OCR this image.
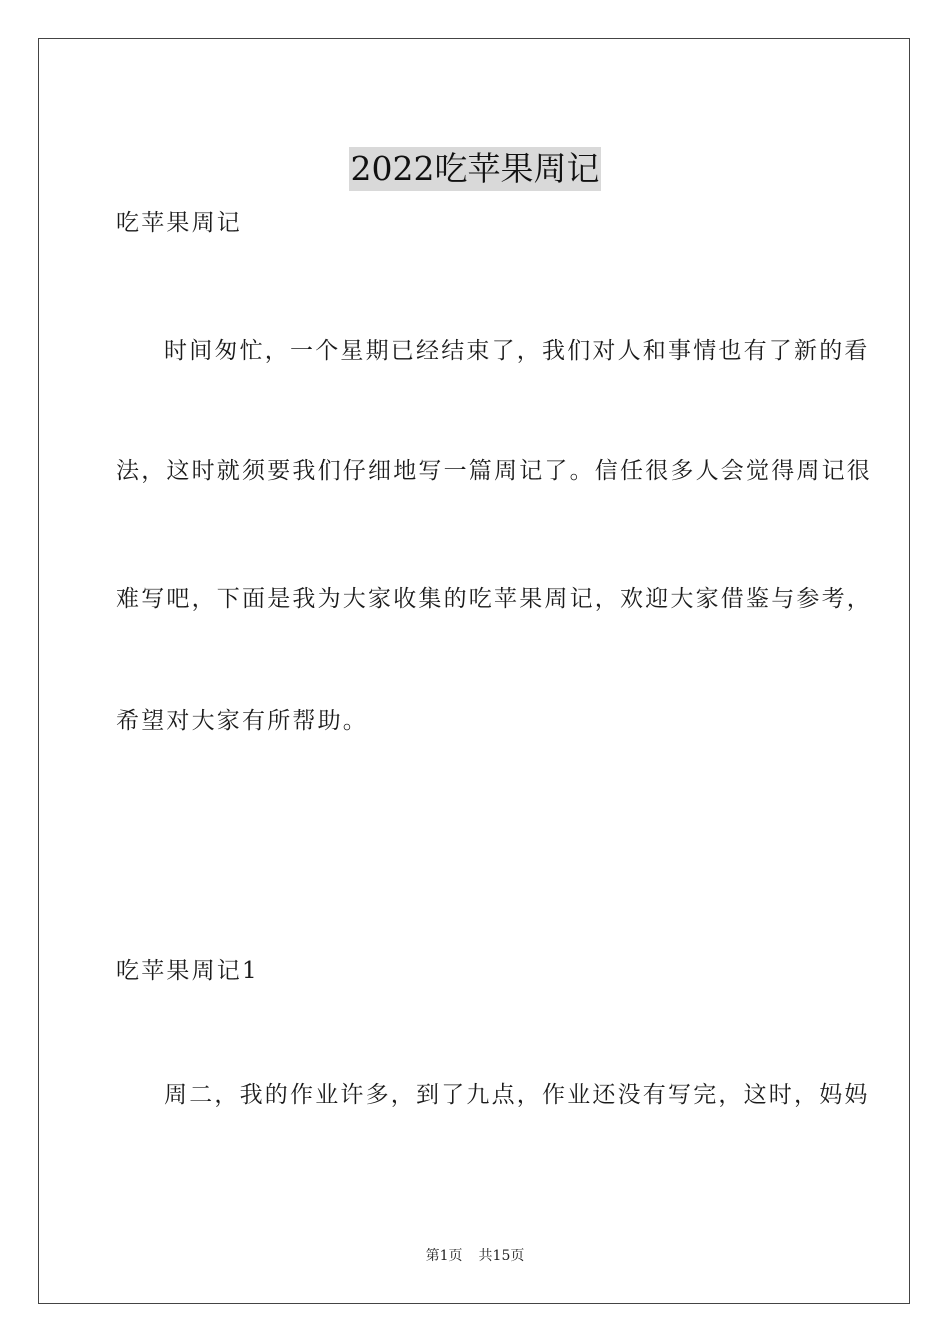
2022吃苹果周记
吃苹果周记
时间匆忙，一个星期已经结束了，我们对人和事情也有了新的看
法，这时就须要我们仔细地写一篇周记了。信任很多人会觉得周记很
难写吧，下面是我为大家收集的吃苹果周记，欢迎大家借鉴与参考，
希望对大家有所帮助。
吃苹果周记1
周二，我的作业许多，到了九点，作业还没有写完，这时，妈妈
第1页 共15页
